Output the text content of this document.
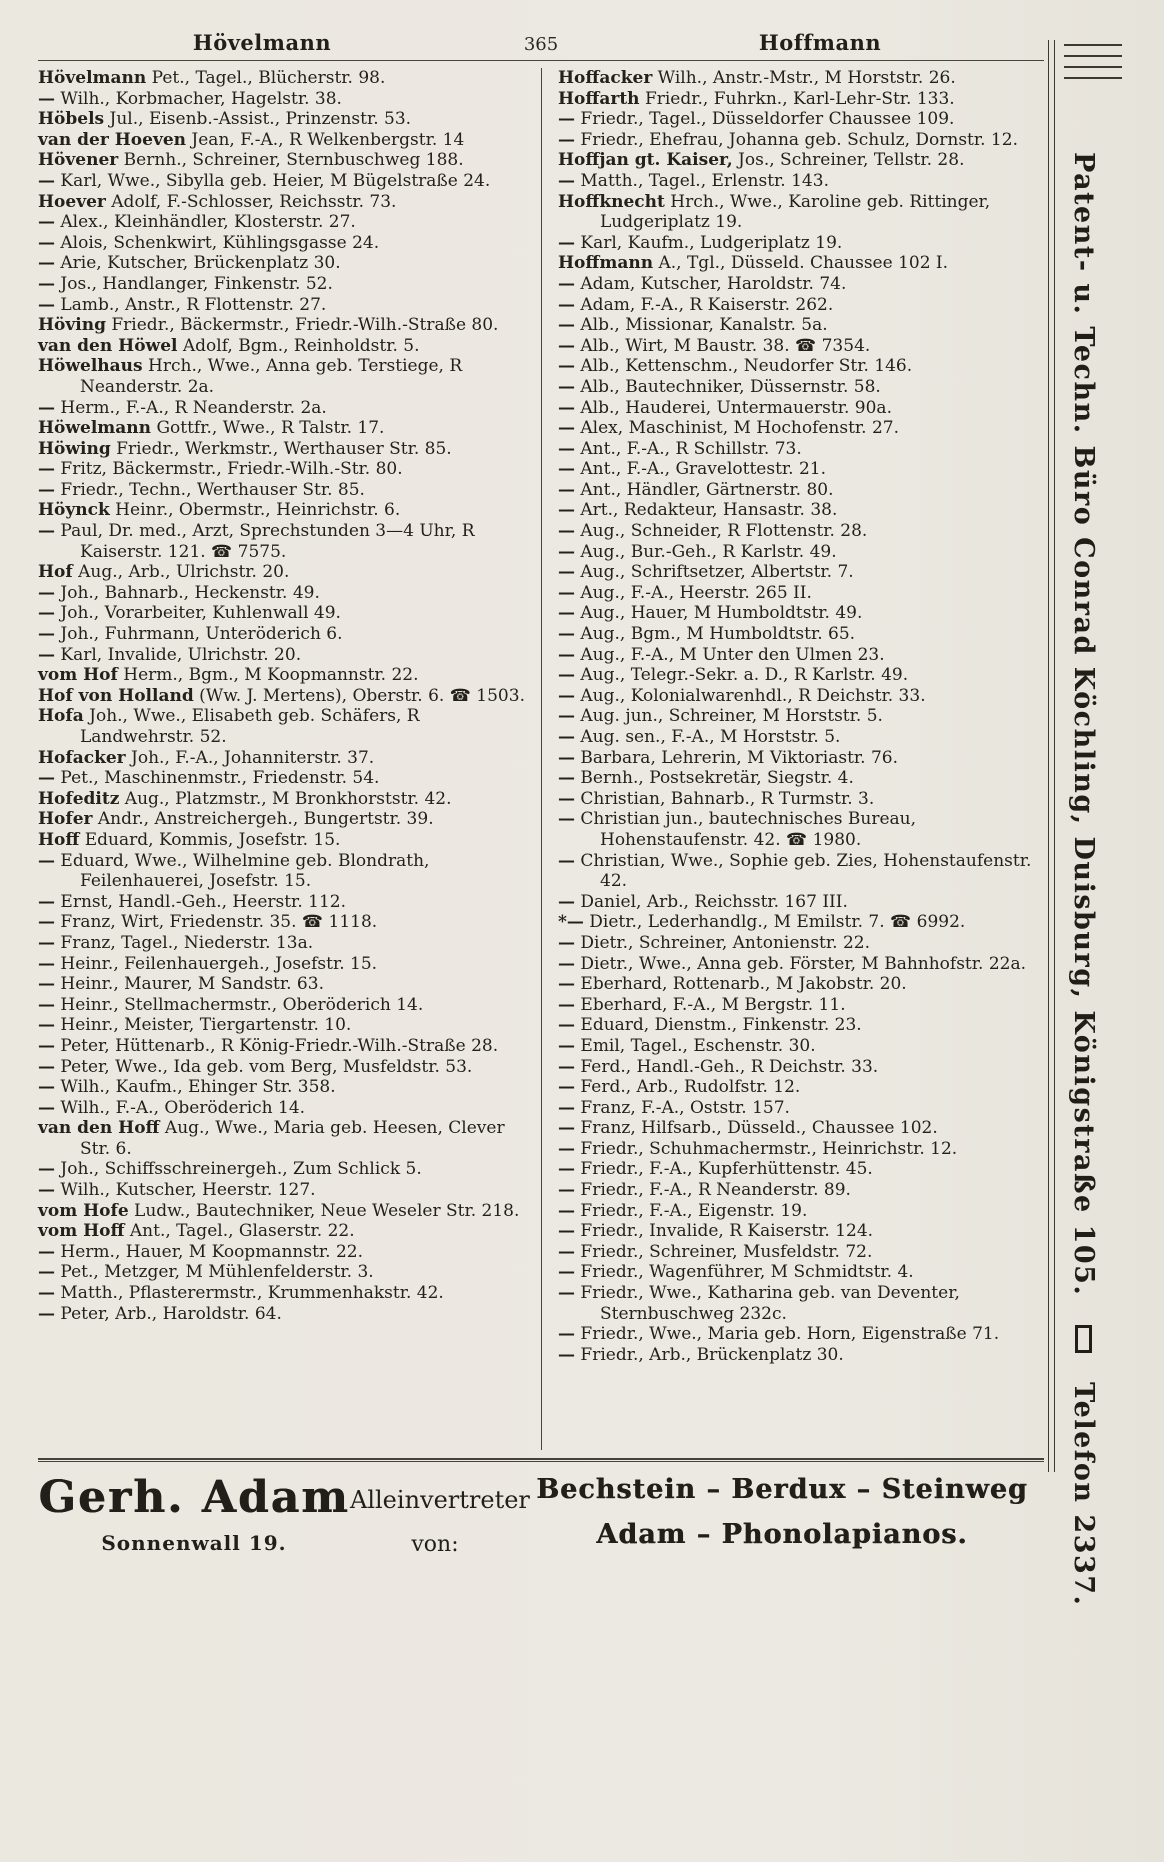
Hövelmann	365	Hoffmann
Hövelmann Pet., Tagel., Blücherstr. 98.
— Wilh., Korbmacher, Hagelstr. 38.
Höbels Jul., Eisenb.-Assist., Prinzenstr. 53.
van der Hoeven Jean, F.-A., R Welkenbergstr. 14
Hövener Bernh., Schreiner, Sternbuschweg 188.
— Karl, Wwe., Sibylla geb. Heier, M Bügelstraße 24.
Hoever Adolf, F.-Schlosser, Reichsstr. 73.
— Alex., Kleinhändler, Klosterstr. 27.
— Alois, Schenkwirt, Kühlingsgasse 24.
— Arie, Kutscher, Brückenplatz 30.
— Jos., Handlanger, Finkenstr. 52.
— Lamb., Anstr., R Flottenstr. 27.
Höving Friedr., Bäckermstr., Friedr.-Wilh.-Straße 80.
van den Höwel Adolf, Bgm., Reinholdstr. 5.
Höwelhaus Hrch., Wwe., Anna geb. Terstiege, R Neanderstr. 2a.
— Herm., F.-A., R Neanderstr. 2a.
Höwelmann Gottfr., Wwe., R Talstr. 17.
Höwing Friedr., Werkmstr., Werthauser Str. 85.
— Fritz, Bäckermstr., Friedr.-Wilh.-Str. 80.
— Friedr., Techn., Werthauser Str. 85.
Höynck Heinr., Obermstr., Heinrichstr. 6.
— Paul, Dr. med., Arzt, Sprechstunden 3—4 Uhr, R Kaiserstr. 121. ☎ 7575.
Hof Aug., Arb., Ulrichstr. 20.
— Joh., Bahnarb., Heckenstr. 49.
— Joh., Vorarbeiter, Kuhlenwall 49.
— Joh., Fuhrmann, Unteröderich 6.
— Karl, Invalide, Ulrichstr. 20.
vom Hof Herm., Bgm., M Koopmannstr. 22.
Hof von Holland (Ww. J. Mertens), Oberstr. 6. ☎ 1503.
Hofa Joh., Wwe., Elisabeth geb. Schäfers, R Landwehrstr. 52.
Hofacker Joh., F.-A., Johanniterstr. 37.
— Pet., Maschinenmstr., Friedenstr. 54.
Hofeditz Aug., Platzmstr., M Bronkhorststr. 42.
Hofer Andr., Anstreichergeh., Bungertstr. 39.
Hoff Eduard, Kommis, Josefstr. 15.
— Eduard, Wwe., Wilhelmine geb. Blondrath, Feilenhauerei, Josefstr. 15.
— Ernst, Handl.-Geh., Heerstr. 112.
— Franz, Wirt, Friedenstr. 35. ☎ 1118.
— Franz, Tagel., Niederstr. 13a.
— Heinr., Feilenhauergeh., Josefstr. 15.
— Heinr., Maurer, M Sandstr. 63.
— Heinr., Stellmachermstr., Oberöderich 14.
— Heinr., Meister, Tiergartenstr. 10.
— Peter, Hüttenarb., R König-Friedr.-Wilh.-Straße 28.
— Peter, Wwe., Ida geb. vom Berg, Musfeldstr. 53.
— Wilh., Kaufm., Ehinger Str. 358.
— Wilh., F.-A., Oberöderich 14.
van den Hoff Aug., Wwe., Maria geb. Heesen, Clever Str. 6.
— Joh., Schiffsschreinergeh., Zum Schlick 5.
— Wilh., Kutscher, Heerstr. 127.
vom Hofe Ludw., Bautechniker, Neue Weseler Str. 218.
vom Hoff Ant., Tagel., Glaserstr. 22.
— Herm., Hauer, M Koopmannstr. 22.
— Pet., Metzger, M Mühlenfelderstr. 3.
— Matth., Pflasterermstr., Krummenhakstr. 42.
— Peter, Arb., Haroldstr. 64.
Hoffacker Wilh., Anstr.-Mstr., M Horststr. 26.
Hoffarth Friedr., Fuhrkn., Karl-Lehr-Str. 133.
— Friedr., Tagel., Düsseldorfer Chaussee 109.
— Friedr., Ehefrau, Johanna geb. Schulz, Dornstr. 12.
Hoffjan gt. Kaiser, Jos., Schreiner, Tellstr. 28.
— Matth., Tagel., Erlenstr. 143.
Hoffknecht Hrch., Wwe., Karoline geb. Rittinger, Ludgeriplatz 19.
— Karl, Kaufm., Ludgeriplatz 19.
Hoffmann A., Tgl., Düsseld. Chaussee 102 I.
— Adam, Kutscher, Haroldstr. 74.
— Adam, F.-A., R Kaiserstr. 262.
— Alb., Missionar, Kanalstr. 5a.
— Alb., Wirt, M Baustr. 38. ☎ 7354.
— Alb., Kettenschm., Neudorfer Str. 146.
— Alb., Bautechniker, Düssernstr. 58.
— Alb., Hauderei, Untermauerstr. 90a.
— Alex, Maschinist, M Hochofenstr. 27.
— Ant., F.-A., R Schillstr. 73.
— Ant., F.-A., Gravelottestr. 21.
— Ant., Händler, Gärtnerstr. 80.
— Art., Redakteur, Hansastr. 38.
— Aug., Schneider, R Flottenstr. 28.
— Aug., Bur.-Geh., R Karlstr. 49.
— Aug., Schriftsetzer, Albertstr. 7.
— Aug., F.-A., Heerstr. 265 II.
— Aug., Hauer, M Humboldtstr. 49.
— Aug., Bgm., M Humboldtstr. 65.
— Aug., F.-A., M Unter den Ulmen 23.
— Aug., Telegr.-Sekr. a. D., R Karlstr. 49.
— Aug., Kolonialwarenhdl., R Deichstr. 33.
— Aug. jun., Schreiner, M Horststr. 5.
— Aug. sen., F.-A., M Horststr. 5.
— Barbara, Lehrerin, M Viktoriastr. 76.
— Bernh., Postsekretär, Siegstr. 4.
— Christian, Bahnarb., R Turmstr. 3.
— Christian jun., bautechnisches Bureau, Hohenstaufenstr. 42. ☎ 1980.
— Christian, Wwe., Sophie geb. Zies, Hohenstaufenstr. 42.
— Daniel, Arb., Reichsstr. 167 III.
*— Dietr., Lederhandlg., M Emilstr. 7. ☎ 6992.
— Dietr., Schreiner, Antonienstr. 22.
— Dietr., Wwe., Anna geb. Förster, M Bahnhofstr. 22a.
— Eberhard, Rottenarb., M Jakobstr. 20.
— Eberhard, F.-A., M Bergstr. 11.
— Eduard, Dienstm., Finkenstr. 23.
— Emil, Tagel., Eschenstr. 30.
— Ferd., Handl.-Geh., R Deichstr. 33.
— Ferd., Arb., Rudolfstr. 12.
— Franz, F.-A., Oststr. 157.
— Franz, Hilfsarb., Düsseld., Chaussee 102.
— Friedr., Schuhmachermstr., Heinrichstr. 12.
— Friedr., F.-A., Kupferhüttenstr. 45.
— Friedr., F.-A., R Neanderstr. 89.
— Friedr., F.-A., Eigenstr. 19.
— Friedr., Invalide, R Kaiserstr. 124.
— Friedr., Schreiner, Musfeldstr. 72.
— Friedr., Wagenführer, M Schmidtstr. 4.
— Friedr., Wwe., Katharina geb. van Deventer, Sternbuschweg 232c.
— Friedr., Wwe., Maria geb. Horn, Eigenstraße 71.
— Friedr., Arb., Brückenplatz 30.
Gerh. Adam
Sonnenwall 19.
Alleinvertreter
von:
Bechstein – Berdux – Steinweg
Adam – Phonolapianos.
Patent- u. Techn. Büro Conrad Köchling, Duisburg, Königstraße 105.  Telefon 2337.
